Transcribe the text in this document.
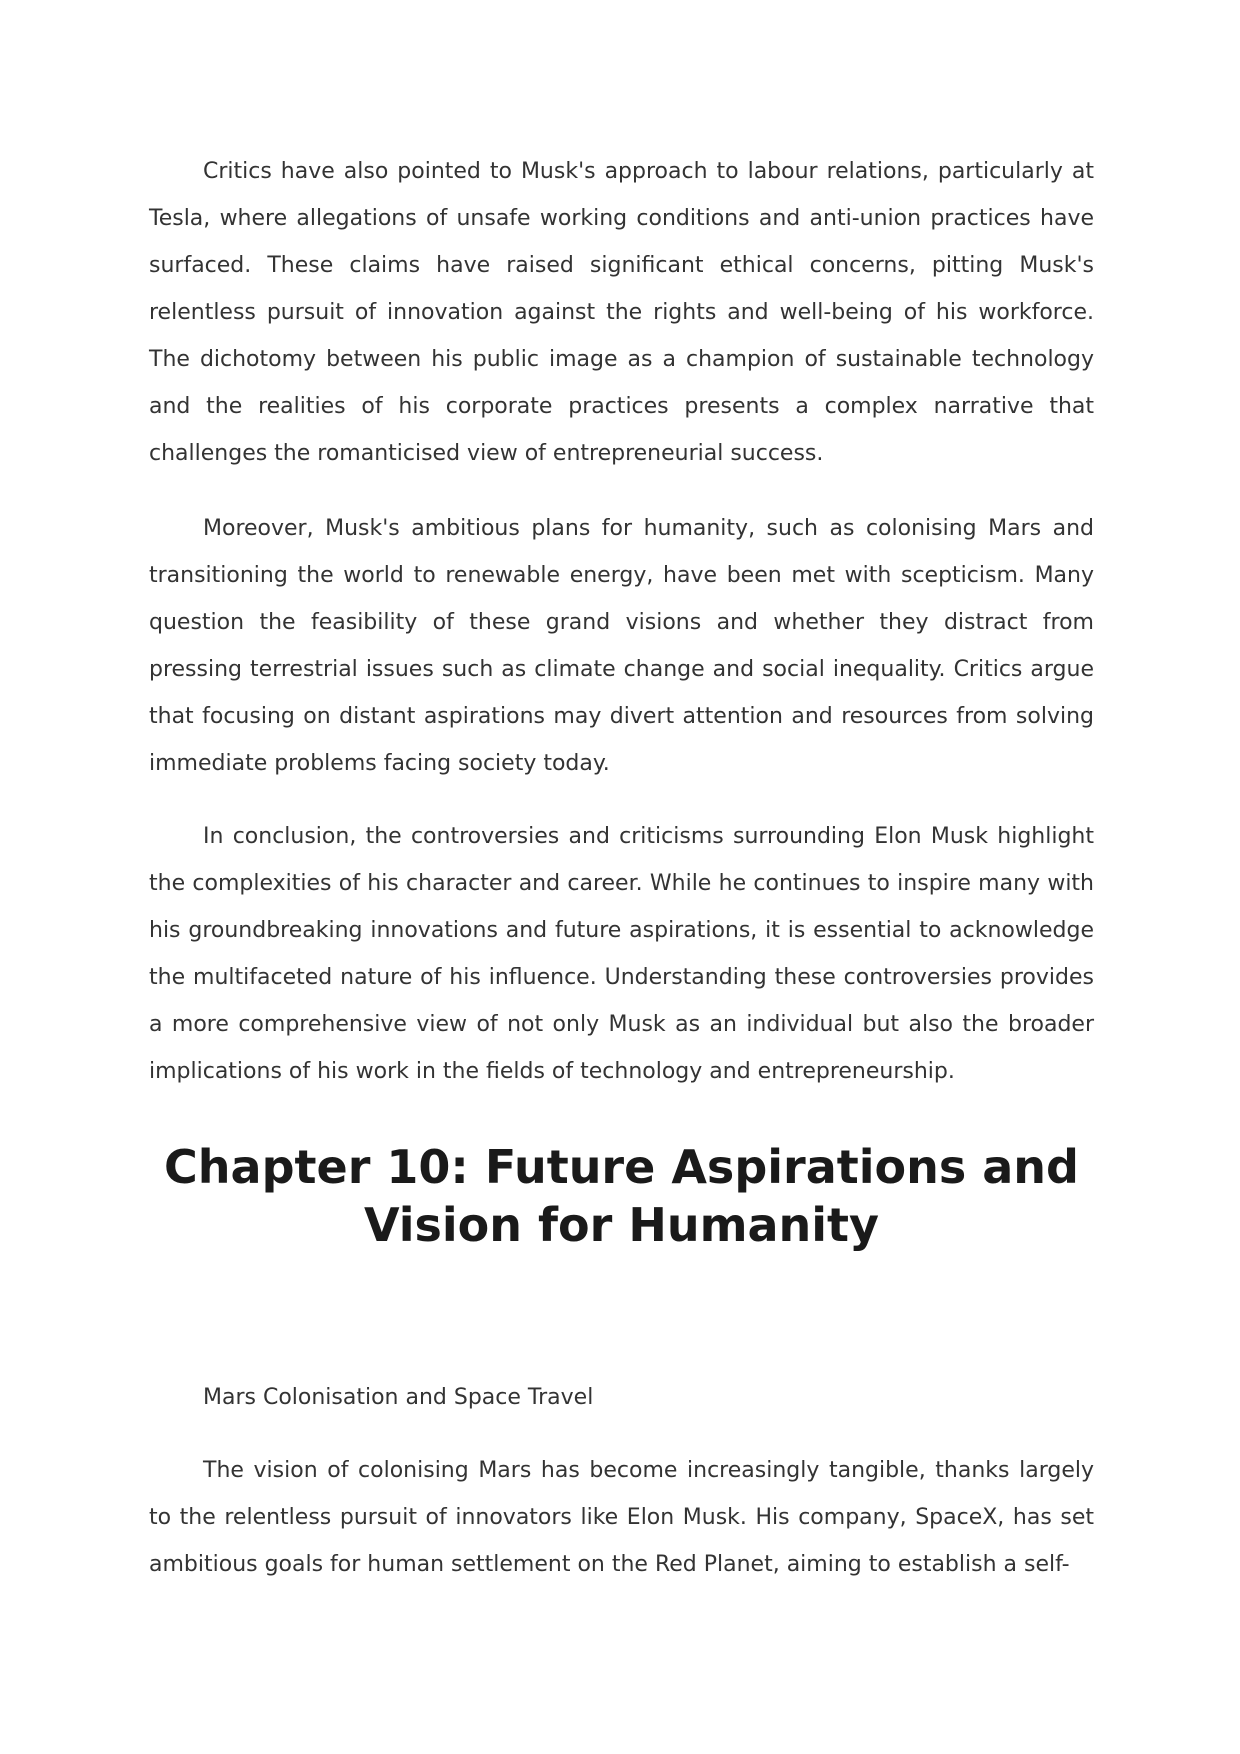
Critics have also pointed to Musk's approach to labour relations, particularly at Tesla, where allegations of unsafe working conditions and anti-union practices have surfaced. These claims have raised significant ethical concerns, pitting Musk's relentless pursuit of innovation against the rights and well-being of his workforce. The dichotomy between his public image as a champion of sustainable technology and the realities of his corporate practices presents a complex narrative that challenges the romanticised view of entrepreneurial success.

Moreover, Musk's ambitious plans for humanity, such as colonising Mars and transitioning the world to renewable energy, have been met with scepticism. Many question the feasibility of these grand visions and whether they distract from pressing terrestrial issues such as climate change and social inequality. Critics argue that focusing on distant aspirations may divert attention and resources from solving immediate problems facing society today.

In conclusion, the controversies and criticisms surrounding Elon Musk highlight the complexities of his character and career. While he continues to inspire many with his groundbreaking innovations and future aspirations, it is essential to acknowledge the multifaceted nature of his influence. Understanding these controversies provides a more comprehensive view of not only Musk as an individual but also the broader implications of his work in the fields of technology and entrepreneurship.

Chapter 10: Future Aspirations and Vision for Humanity

Mars Colonisation and Space Travel

The vision of colonising Mars has become increasingly tangible, thanks largely to the relentless pursuit of innovators like Elon Musk. His company, SpaceX, has set ambitious goals for human settlement on the Red Planet, aiming to establish a self-
